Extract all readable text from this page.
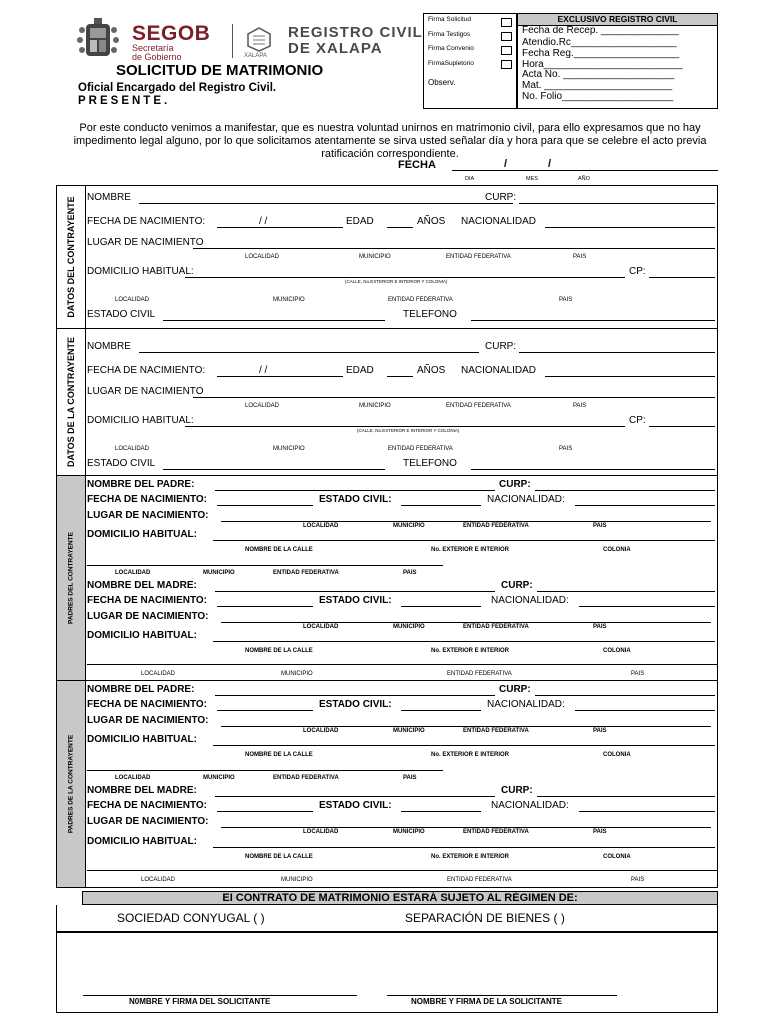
SEGOB
Secretaría
de Gobierno	XALAPA
REGISTRO CIVIL
DE XALAPA
SOLICITUD DE MATRIMONIO
Oficial Encargado del Registro Civil.
PRESENTE.
Firma Solicitud
Firma Testigos
Firma Convenio
FirmaSupletorio
Observ.
EXCLUSIVO REGISTRO CIVIL
Fecha de Recep. ______________
Atendio.Rc___________________
Fecha Reg.___________________
Hora_________________________
Acta No. ____________________
Mat. _______________________
No. Folio____________________
Por este conducto venimos a manifestar, que es nuestra voluntad unirnos en matrimonio civil, para ello expresamos que no hay impedimento legal alguno, por lo que solicitamos atentamente se sirva usted señalar día y hora para que se celebre el acto previa ratificación correspondiente.
FECHA	/	/
DIA	MES	AÑO
DATOS DEL CONTRAYENTE NOMBRE	CURP:
FECHA DE NACIMIENTO:	/ /	EDAD	AÑOS NACIONALIDAD
LUGAR DE NACIMIENTO
LOCALIDAD	MUNICIPIO	ENTIDAD FEDERATIVA	PAIS
DOMICILIO HABITUAL:	CP:
(CALLE, No.EXTERIOR E INTERIOR Y COLONIA)
LOCALIDAD	MUNICIPIO	ENTIDAD FEDERATIVA	PAIS
ESTADO CIVIL	TELEFONO
DATOS DE LA CONTRAYENTE NOMBRE	CURP:
FECHA DE NACIMIENTO:	/ /	EDAD	AÑOS NACIONALIDAD
LUGAR DE NACIMIENTO
LOCALIDAD	MUNICIPIO	ENTIDAD FEDERATIVA	PAIS
DOMICILIO HABITUAL:	CP:
(CALLE, No.EXTERIOR E INTERIOR Y COLONIA)
LOCALIDAD	MUNICIPIO	ENTIDAD FEDERATIVA	PAIS
ESTADO CIVIL	TELEFONO
PADRES DEL CONTRAYENTE
NOMBRE DEL PADRE:	CURP:
FECHA DE NACIMIENTO:	ESTADO CIVIL:	NACIONALIDAD:
LUGAR DE NACIMIENTO:
LOCALIDAD	MUNICIPIO	ENTIDAD FEDERATIVA	PAIS
DOMICILIO HABITUAL:
NOMBRE DE LA CALLE	No. EXTERIOR E INTERIOR	COLONIA
LOCALIDAD	MUNICIPIO	ENTIDAD FEDERATIVA	PAIS
NOMBRE DEL MADRE:	CURP:
FECHA DE NACIMIENTO:	ESTADO CIVIL:	NACIONALIDAD:
LUGAR DE NACIMIENTO:
LOCALIDAD	MUNICIPIO	ENTIDAD FEDERATIVA	PAIS
DOMICILIO HABITUAL:
NOMBRE DE LA CALLE	No. EXTERIOR E INTERIOR	COLONIA
LOCALIDAD	MUNICIPIO	ENTIDAD FEDERATIVA	PAIS
PADRES DE LA CONTRAYENTE
NOMBRE DEL PADRE:	CURP:
FECHA DE NACIMIENTO:	ESTADO CIVIL:	NACIONALIDAD:
LUGAR DE NACIMIENTO:
LOCALIDAD	MUNICIPIO	ENTIDAD FEDERATIVA	PAIS
DOMICILIO HABITUAL:
NOMBRE DE LA CALLE	No. EXTERIOR E INTERIOR	COLONIA
LOCALIDAD	MUNICIPIO	ENTIDAD FEDERATIVA	PAIS
NOMBRE DEL MADRE:	CURP:
FECHA DE NACIMIENTO:	ESTADO CIVIL:	NACIONALIDAD:
LUGAR DE NACIMIENTO:
LOCALIDAD	MUNICIPIO	ENTIDAD FEDERATIVA	PAIS
DOMICILIO HABITUAL:
NOMBRE DE LA CALLE	No. EXTERIOR E INTERIOR	COLONIA
LOCALIDAD	MUNICIPIO	ENTIDAD FEDERATIVA	PAIS
EI CONTRATO DE MATRIMONIO ESTARÁ SUJETO AL RÉGIMEN DE:
SOCIEDAD CONYUGAL ( )	SEPARACIÓN DE BIENES ( )
N0MBRE Y FIRMA DEL SOLICITANTE	NOMBRE Y FIRMA DE LA SOLICITANTE
